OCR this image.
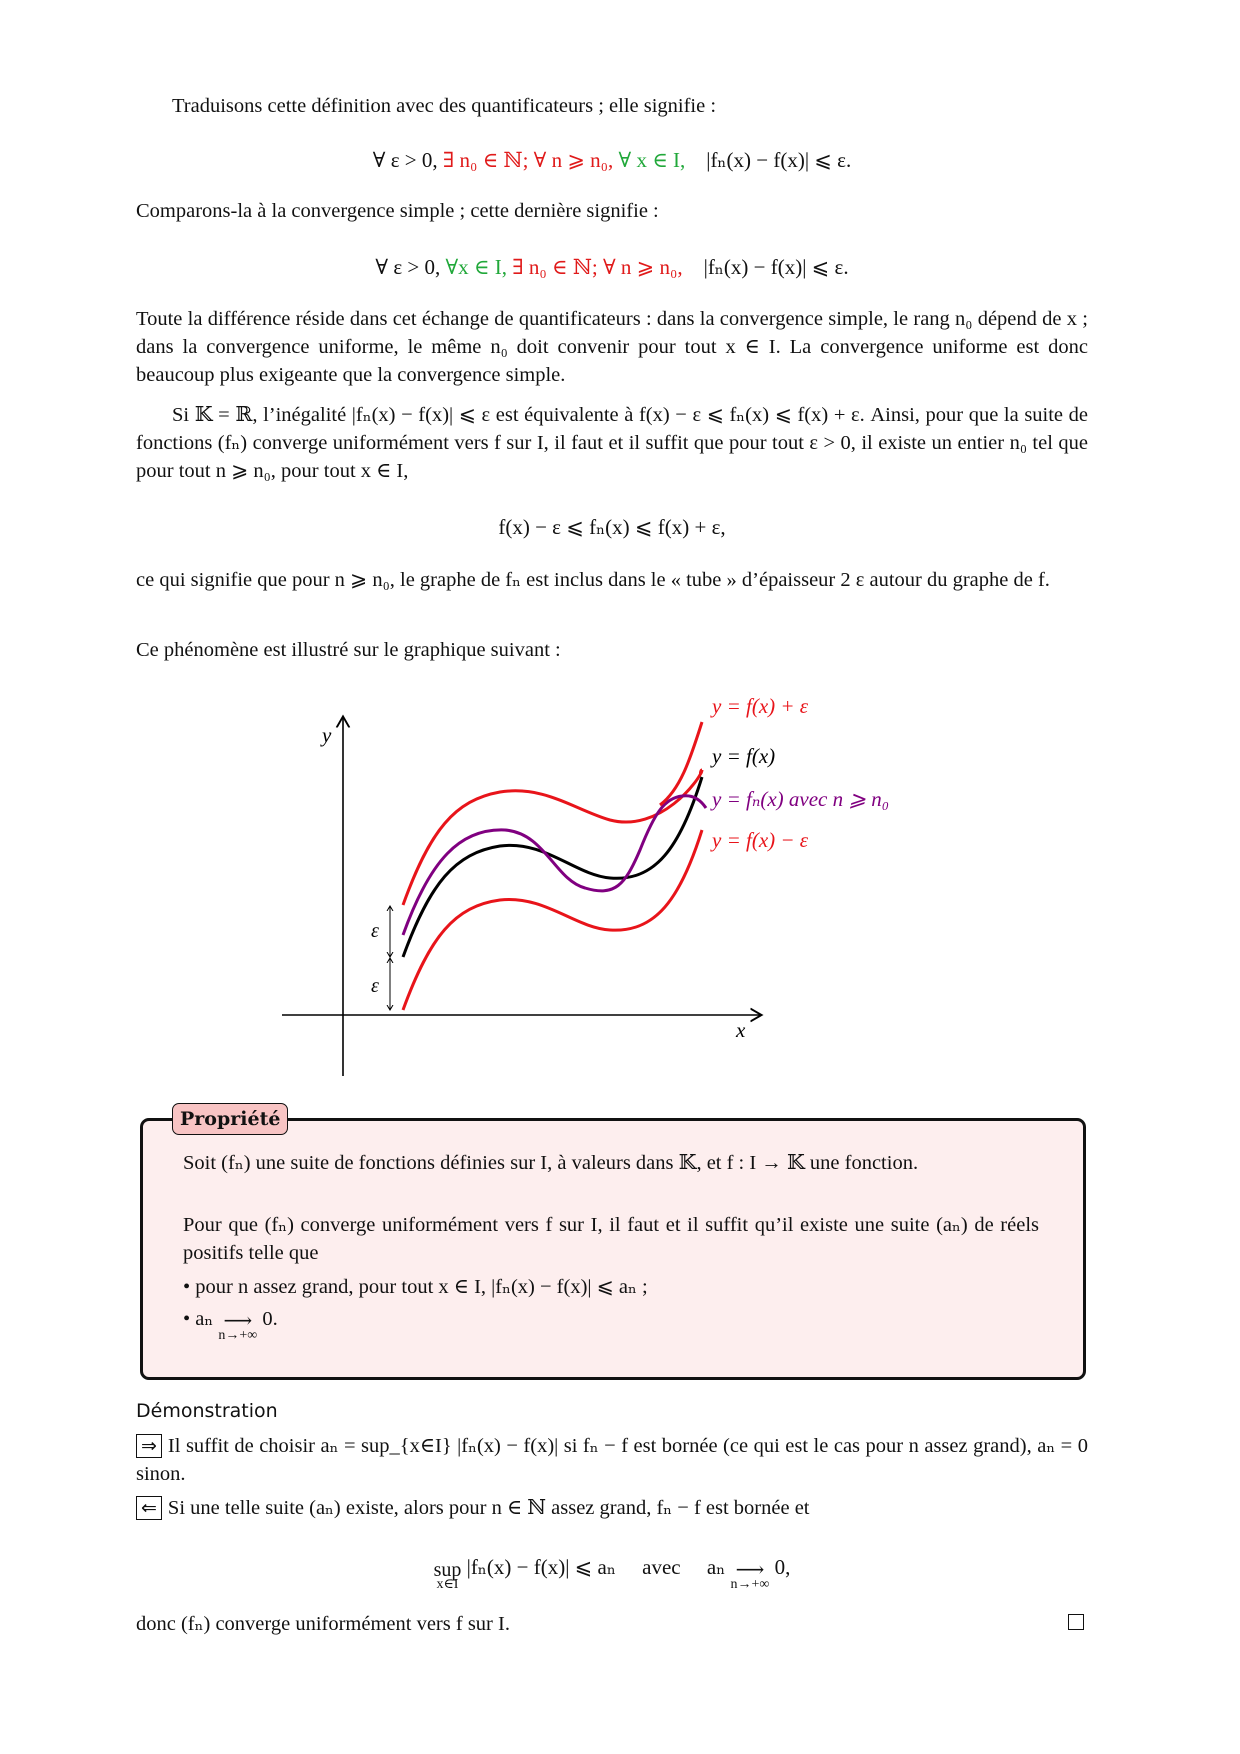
Traduisons cette définition avec des quantificateurs ; elle signifie :
∀ ε > 0, ∃ n₀ ∈ ℕ; ∀ n ⩾ n₀, ∀ x ∈ I,    |fₙ(x) − f(x)| ⩽ ε.
Comparons-la à la convergence simple ; cette dernière signifie :
∀ ε > 0, ∀x ∈ I, ∃ n₀ ∈ ℕ; ∀ n ⩾ n₀,    |fₙ(x) − f(x)| ⩽ ε.
Toute la différence réside dans cet échange de quantificateurs : dans la convergence simple, le rang n₀ dépend de x ; dans la convergence uniforme, le même n₀ doit convenir pour tout x ∈ I. La convergence uniforme est donc beaucoup plus exigeante que la convergence simple.
Si 𝕂 = ℝ, l’inégalité |fₙ(x) − f(x)| ⩽ ε est équivalente à f(x) − ε ⩽ fₙ(x) ⩽ f(x) + ε. Ainsi, pour que la suite de fonctions (fₙ) converge uniformément vers f sur I, il faut et il suffit que pour tout ε > 0, il existe un entier n₀ tel que pour tout n ⩾ n₀, pour tout x ∈ I,
f(x) − ε ⩽ fₙ(x) ⩽ f(x) + ε,
ce qui signifie que pour n ⩾ n₀, le graphe de fₙ est inclus dans le « tube » d’épaisseur 2 ε autour du graphe de f.
Ce phénomène est illustré sur le graphique suivant :
y
x
ε
ε
y = f(x) + ε
y = f(x)
y = fₙ(x) avec n ⩾ n₀
y = f(x) − ε
Propriété
Soit (fₙ) une suite de fonctions définies sur I, à valeurs dans 𝕂, et f : I → 𝕂 une fonction.
Pour que (fₙ) converge uniformément vers f sur I, il faut et il suffit qu’il existe une suite (aₙ) de réels positifs telle que
• pour n assez grand, pour tout x ∈ I, |fₙ(x) − f(x)| ⩽ aₙ ;
• aₙ ⟶
n→+∞
0.
Démonstration
⇒ Il suffit de choisir aₙ = sup_{x∈I} |fₙ(x) − f(x)| si fₙ − f est bornée (ce qui est le cas pour n assez grand), aₙ = 0 sinon.
⇐ Si une telle suite (aₙ) existe, alors pour n ∈ ℕ assez grand, fₙ − f est bornée et
sup
x∈I
|fₙ(x) − f(x)| ⩽ aₙ     avec     aₙ ⟶
n→+∞
0,
donc (fₙ) converge uniformément vers f sur I.
